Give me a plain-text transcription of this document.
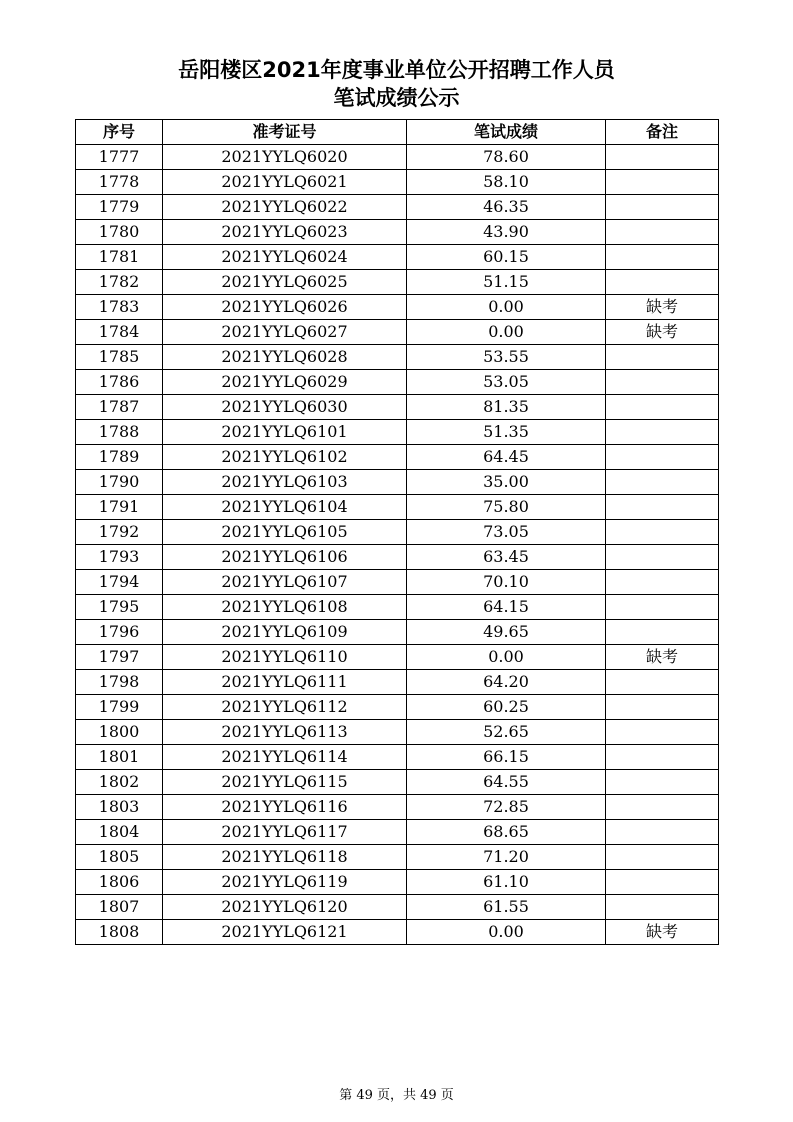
岳阳楼区2021年度事业单位公开招聘工作人员
笔试成绩公示
序号	准考证号	笔试成绩	备注
1777	2021YYLQ6020	78.60	
1778	2021YYLQ6021	58.10	
1779	2021YYLQ6022	46.35	
1780	2021YYLQ6023	43.90	
1781	2021YYLQ6024	60.15	
1782	2021YYLQ6025	51.15	
1783	2021YYLQ6026	0.00	缺考
1784	2021YYLQ6027	0.00	缺考
1785	2021YYLQ6028	53.55	
1786	2021YYLQ6029	53.05	
1787	2021YYLQ6030	81.35	
1788	2021YYLQ6101	51.35	
1789	2021YYLQ6102	64.45	
1790	2021YYLQ6103	35.00	
1791	2021YYLQ6104	75.80	
1792	2021YYLQ6105	73.05	
1793	2021YYLQ6106	63.45	
1794	2021YYLQ6107	70.10	
1795	2021YYLQ6108	64.15	
1796	2021YYLQ6109	49.65	
1797	2021YYLQ6110	0.00	缺考
1798	2021YYLQ6111	64.20	
1799	2021YYLQ6112	60.25	
1800	2021YYLQ6113	52.65	
1801	2021YYLQ6114	66.15	
1802	2021YYLQ6115	64.55	
1803	2021YYLQ6116	72.85	
1804	2021YYLQ6117	68.65	
1805	2021YYLQ6118	71.20	
1806	2021YYLQ6119	61.10	
1807	2021YYLQ6120	61.55	
1808	2021YYLQ6121	0.00	缺考
第 49 页，共 49 页
